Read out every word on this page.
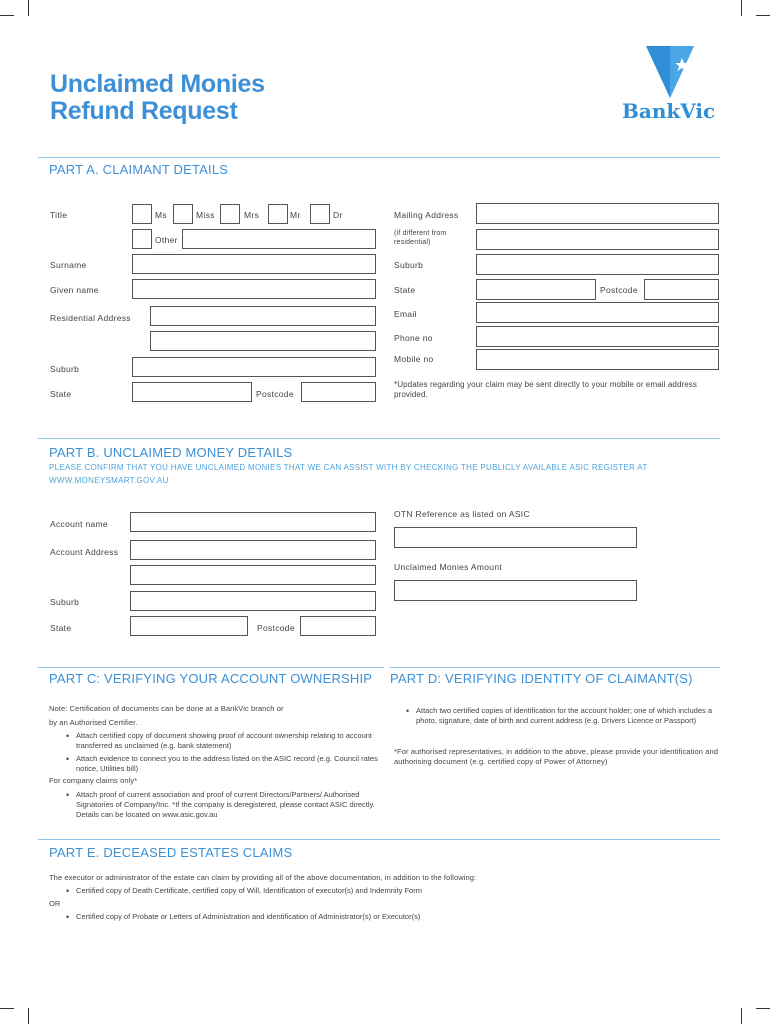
Unclaimed Monies
Refund Request	BankVic
PART A. CLAIMANT DETAILS
Title	Ms	Miss	Mrs	Mr	Dr
Other
Surname
Given name
Residential Address
Suburb
State	Postcode
Mailing Address
(if different from residential)
Suburb
State	Postcode
Email
Phone no
Mobile no
*Updates regarding your claim may be sent directly to your mobile or email address provided.
PART B. UNCLAIMED MONEY DETAILS
PLEASE CONFIRM THAT YOU HAVE UNCLAIMED MONIES THAT WE CAN ASSIST WITH BY CHECKING THE PUBLICLY AVAILABLE ASIC REGISTER AT WWW.MONEYSMART.GOV.AU
Account name
Account Address
Suburb
State	Postcode
OTN Reference as listed on ASIC
Unclaimed Monies Amount
PART C: VERIFYING YOUR ACCOUNT OWNERSHIP PART D: VERIFYING IDENTITY OF CLAIMANT(S)
Note: Certification of documents can be done at a BankVic branch or
by an Authorised Certifier.
• Attach certified copy of document showing proof of account ownership relating to account transferred as unclaimed (e.g. bank statement)
• Attach evidence to connect you to the address listed on the ASIC record (e.g. Council rates notice, Utilities bill)
For company claims only*
• Attach proof of current association and proof of current Directors/Partners/ Authorised Signatories of Company/Inc. *If the company is deregistered, please contact ASIC directly. Details can be located on www.asic.gov.au
• Attach two certified copies of identification for the account holder; one of which includes a photo, signature, date of birth and current address (e.g. Drivers Licence or Passport)
*For authorised representatives, in addition to the above, please provide your identification and authorising document (e.g. certified copy of Power of Attorney)
PART E. DECEASED ESTATES CLAIMS
The executor or administrator of the estate can claim by providing all of the above documentation, in addition to the following:
• Certified copy of Death Certificate, certified copy of Will, Identification of executor(s) and Indemnity Form
OR
• Certified copy of Probate or Letters of Administration and identification of Administrator(s) or Executor(s)
